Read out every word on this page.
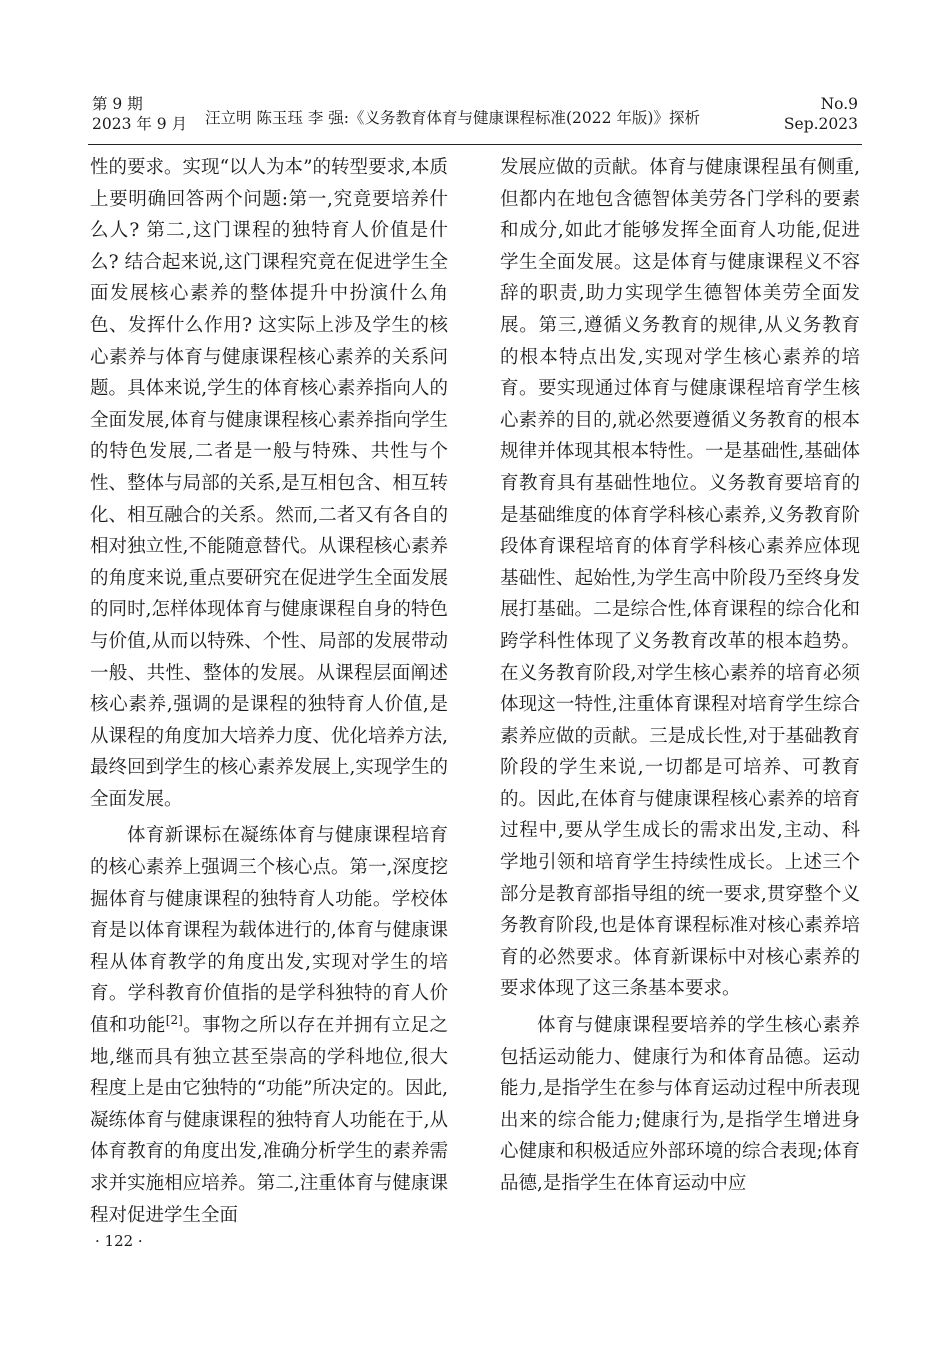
第 9 期
2023 年 9 月 汪立明 陈玉珏 李 强:《义务教育体育与健康课程标准(2022 年版)》探析
No.9
Sep.2023

性的要求。实现“以人为本”的转型要求,本质上要明确回答两个问题:第一,究竟要培养什么人? 第二,这门课程的独特育人价值是什么? 结合起来说,这门课程究竟在促进学生全面发展核心素养的整体提升中扮演什么角色、发挥什么作用? 这实际上涉及学生的核心素养与体育与健康课程核心素养的关系问题。具体来说,学生的体育核心素养指向人的全面发展,体育与健康课程核心素养指向学生的特色发展,二者是一般与特殊、共性与个性、整体与局部的关系,是互相包含、相互转化、相互融合的关系。然而,二者又有各自的相对独立性,不能随意替代。从课程核心素养的角度来说,重点要研究在促进学生全面发展的同时,怎样体现体育与健康课程自身的特色与价值,从而以特殊、个性、局部的发展带动一般、共性、整体的发展。从课程层面阐述核心素养,强调的是课程的独特育人价值,是从课程的角度加大培养力度、优化培养方法,最终回到学生的核心素养发展上,实现学生的全面发展。

体育新课标在凝练体育与健康课程培育的核心素养上强调三个核心点。第一,深度挖掘体育与健康课程的独特育人功能。学校体育是以体育课程为载体进行的,体育与健康课程从体育教学的角度出发,实现对学生的培育。学科教育价值指的是学科独特的育人价值和功能[2]。事物之所以存在并拥有立足之地,继而具有独立甚至崇高的学科地位,很大程度上是由它独特的“功能”所决定的。因此,凝练体育与健康课程的独特育人功能在于,从体育教育的角度出发,准确分析学生的素养需求并实施相应培养。第二,注重体育与健康课程对促进学生全面

发展应做的贡献。体育与健康课程虽有侧重,但都内在地包含德智体美劳各门学科的要素和成分,如此才能够发挥全面育人功能,促进学生全面发展。这是体育与健康课程义不容辞的职责,助力实现学生德智体美劳全面发展。第三,遵循义务教育的规律,从义务教育的根本特点出发,实现对学生核心素养的培育。要实现通过体育与健康课程培育学生核心素养的目的,就必然要遵循义务教育的根本规律并体现其根本特性。一是基础性,基础体育教育具有基础性地位。义务教育要培育的是基础维度的体育学科核心素养,义务教育阶段体育课程培育的体育学科核心素养应体现基础性、起始性,为学生高中阶段乃至终身发展打基础。二是综合性,体育课程的综合化和跨学科性体现了义务教育改革的根本趋势。在义务教育阶段,对学生核心素养的培育必须体现这一特性,注重体育课程对培育学生综合素养应做的贡献。三是成长性,对于基础教育阶段的学生来说,一切都是可培养、可教育的。因此,在体育与健康课程核心素养的培育过程中,要从学生成长的需求出发,主动、科学地引领和培育学生持续性成长。上述三个部分是教育部指导组的统一要求,贯穿整个义务教育阶段,也是体育课程标准对核心素养培育的必然要求。体育新课标中对核心素养的要求体现了这三条基本要求。

体育与健康课程要培养的学生核心素养包括运动能力、健康行为和体育品德。运动能力,是指学生在参与体育运动过程中所表现出来的综合能力;健康行为,是指学生增进身心健康和积极适应外部环境的综合表现;体育品德,是指学生在体育运动中应

· 122 ·
